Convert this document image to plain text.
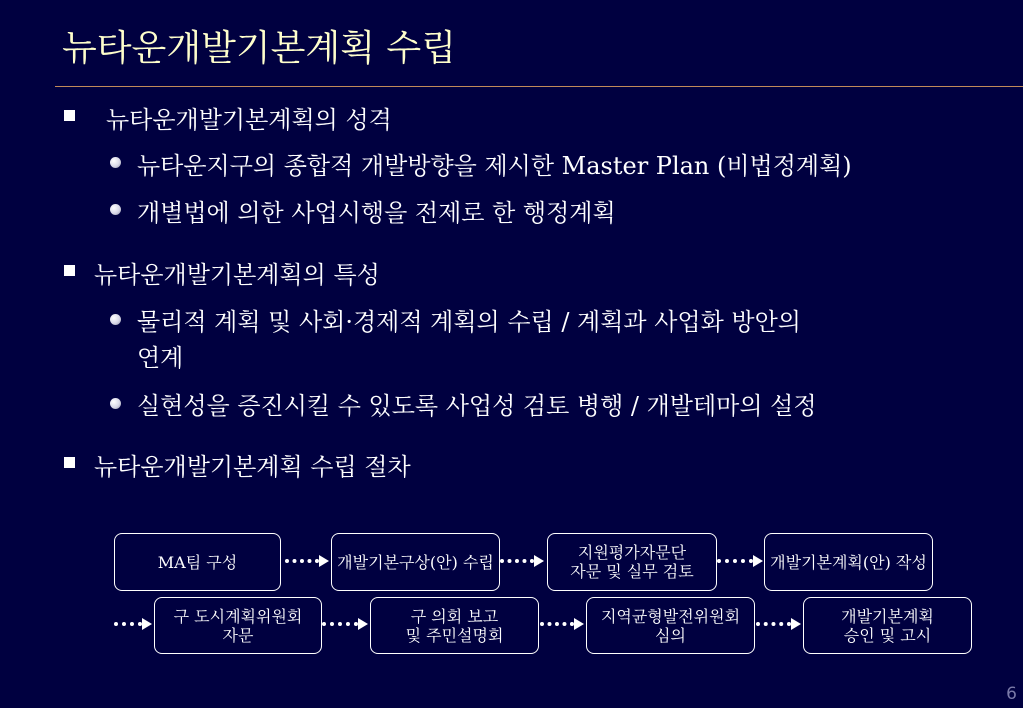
뉴타운개발기본계획 수립
뉴타운개발기본계획의 성격
뉴타운지구의 종합적 개발방향을 제시한 Master Plan (비법정계획)
개별법에 의한 사업시행을 전제로 한 행정계획
뉴타운개발기본계획의 특성
물리적 계획 및 사회·경제적 계획의 수립 / 계획과 사업화 방안의
연계
실현성을 증진시킬 수 있도록 사업성 검토 병행 / 개발테마의 설정
뉴타운개발기본계획 수립 절차
MA팀 구성	개발기본구상(안) 수립	지원평가자문단
자문 및 실무 검토	개발기본계획(안) 작성
구 도시계획위원회
자문
구 의회 보고
및 주민설명회
지역균형발전위원회
심의
개발기본계획
승인 및 고시
6
